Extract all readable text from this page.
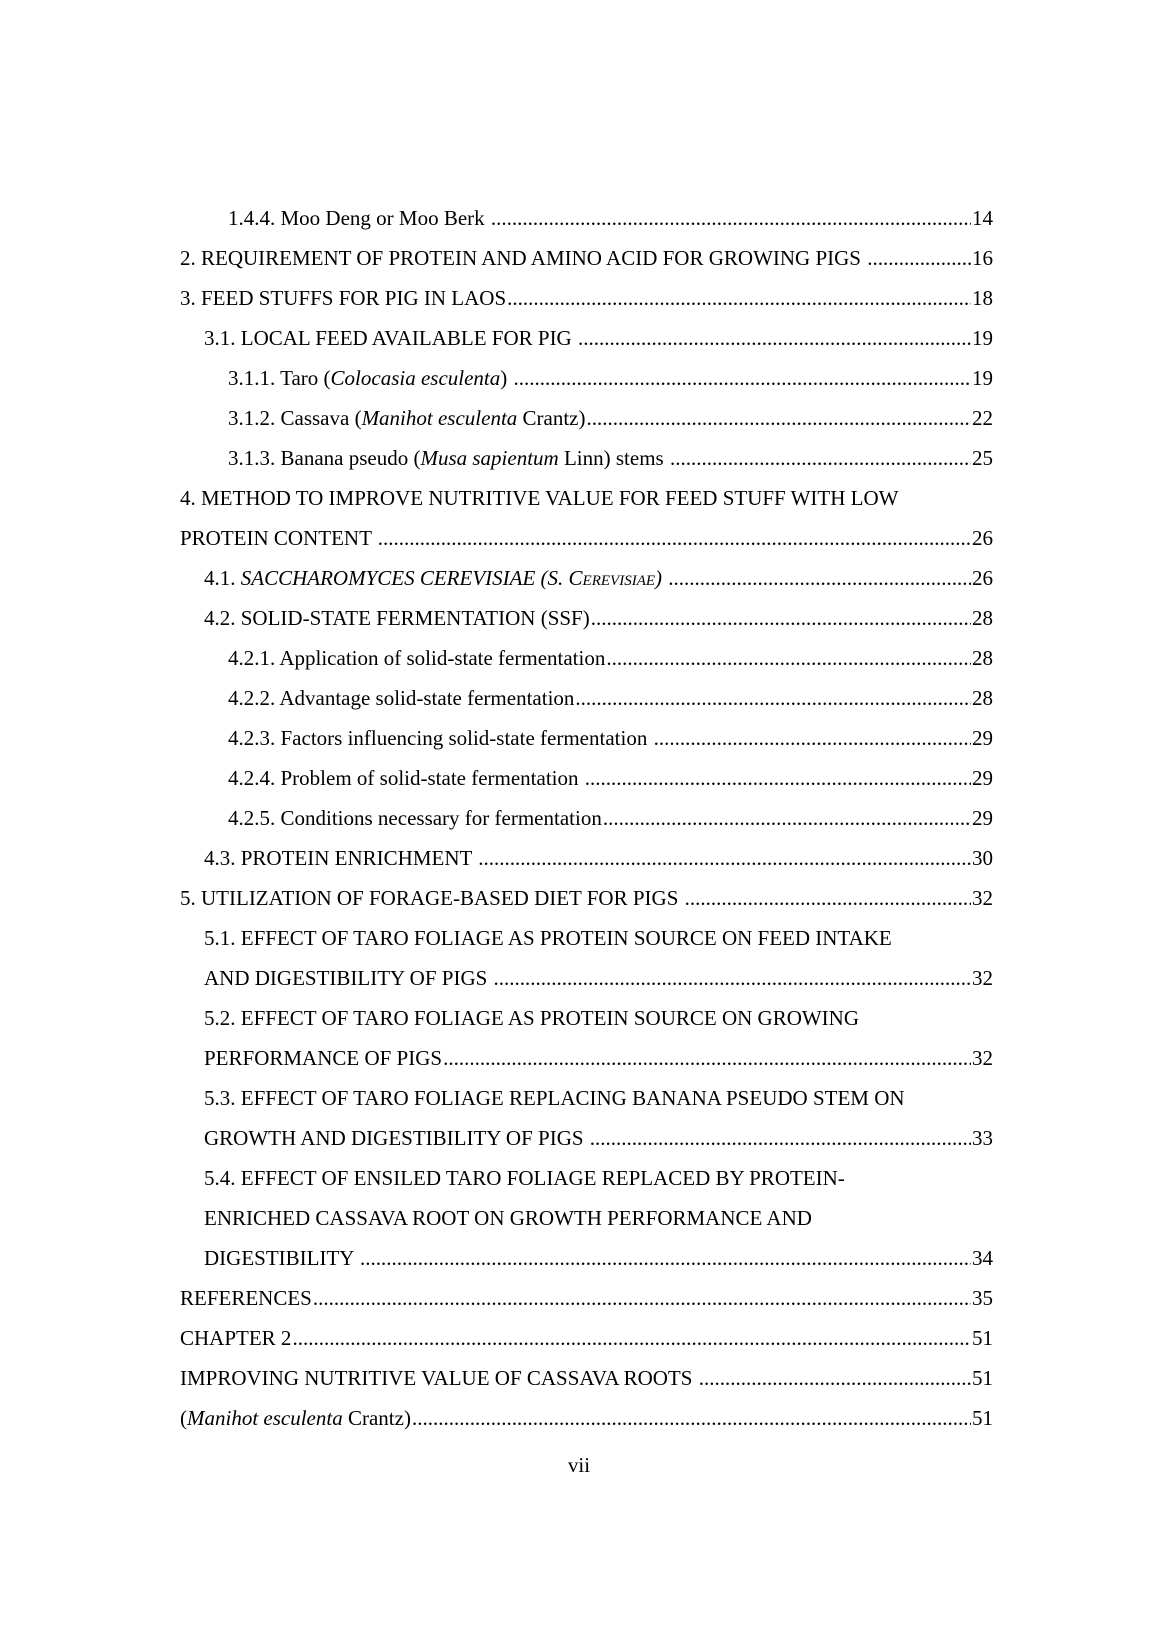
1.4.4. Moo Deng or Moo Berk .....	14
2. REQUIREMENT OF PROTEIN AND AMINO ACID FOR GROWING PIGS .....	16
3. FEED STUFFS FOR PIG IN LAOS .....	18
3.1. LOCAL FEED AVAILABLE FOR PIG .....	19
3.1.1. Taro (Colocasia esculenta) .....	19
3.1.2. Cassava (Manihot esculenta Crantz) .....	22
3.1.3. Banana pseudo (Musa sapientum Linn) stems .....	25
4. METHOD TO IMPROVE NUTRITIVE VALUE FOR FEED STUFF WITH LOW
PROTEIN CONTENT .....	26
4.1. SACCHAROMYCES CEREVISIAE (S. CEREVISIAE) .....	26
4.2. SOLID-STATE FERMENTATION (SSF) .....	28
4.2.1. Application of solid-state fermentation .....	28
4.2.2. Advantage solid-state fermentation .....	28
4.2.3. Factors influencing solid-state fermentation .....	29
4.2.4. Problem of solid-state fermentation .....	29
4.2.5. Conditions necessary for fermentation .....	29
4.3. PROTEIN ENRICHMENT .....	30
5. UTILIZATION OF FORAGE-BASED DIET FOR PIGS .....	32
5.1. EFFECT OF TARO FOLIAGE AS PROTEIN SOURCE ON FEED INTAKE
AND DIGESTIBILITY OF PIGS .....	32
5.2. EFFECT OF TARO FOLIAGE AS PROTEIN SOURCE ON GROWING
PERFORMANCE OF PIGS .....	32
5.3. EFFECT OF TARO FOLIAGE REPLACING BANANA PSEUDO STEM ON
GROWTH AND DIGESTIBILITY OF PIGS .....	33
5.4. EFFECT OF ENSILED TARO FOLIAGE REPLACED BY PROTEIN-
ENRICHED CASSAVA ROOT ON GROWTH PERFORMANCE AND
DIGESTIBILITY .....	34
REFERENCES .....	35
CHAPTER 2 .....	51
IMPROVING NUTRITIVE VALUE OF CASSAVA ROOTS .....	51
(Manihot esculenta Crantz) .....	51
vii
